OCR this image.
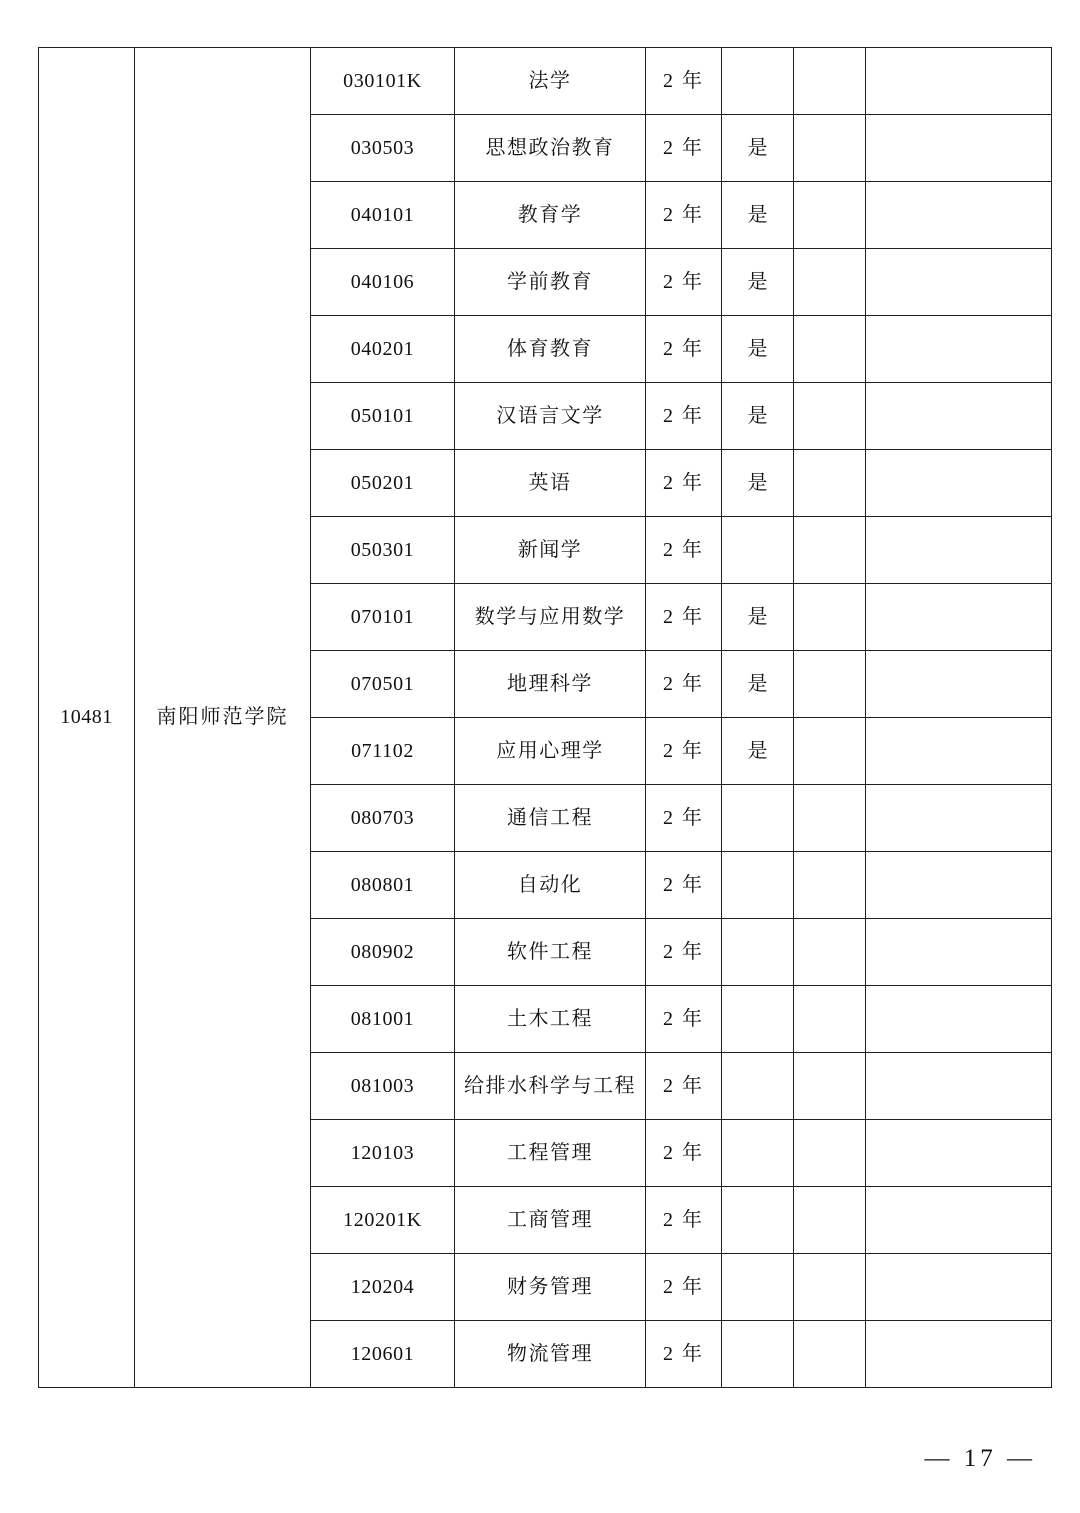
10481	南阳师范学院	030101K	法学	2 年			
		030503	思想政治教育	2 年	是		
		040101	教育学	2 年	是		
		040106	学前教育	2 年	是		
		040201	体育教育	2 年	是		
		050101	汉语言文学	2 年	是		
		050201	英语	2 年	是		
		050301	新闻学	2 年			
		070101	数学与应用数学	2 年	是		
		070501	地理科学	2 年	是		
		071102	应用心理学	2 年	是		
		080703	通信工程	2 年			
		080801	自动化	2 年			
		080902	软件工程	2 年			
		081001	土木工程	2 年			
		081003	给排水科学与工程	2 年			
		120103	工程管理	2 年			
		120201K	工商管理	2 年			
		120204	财务管理	2 年			
		120601	物流管理	2 年			
— 17 —
